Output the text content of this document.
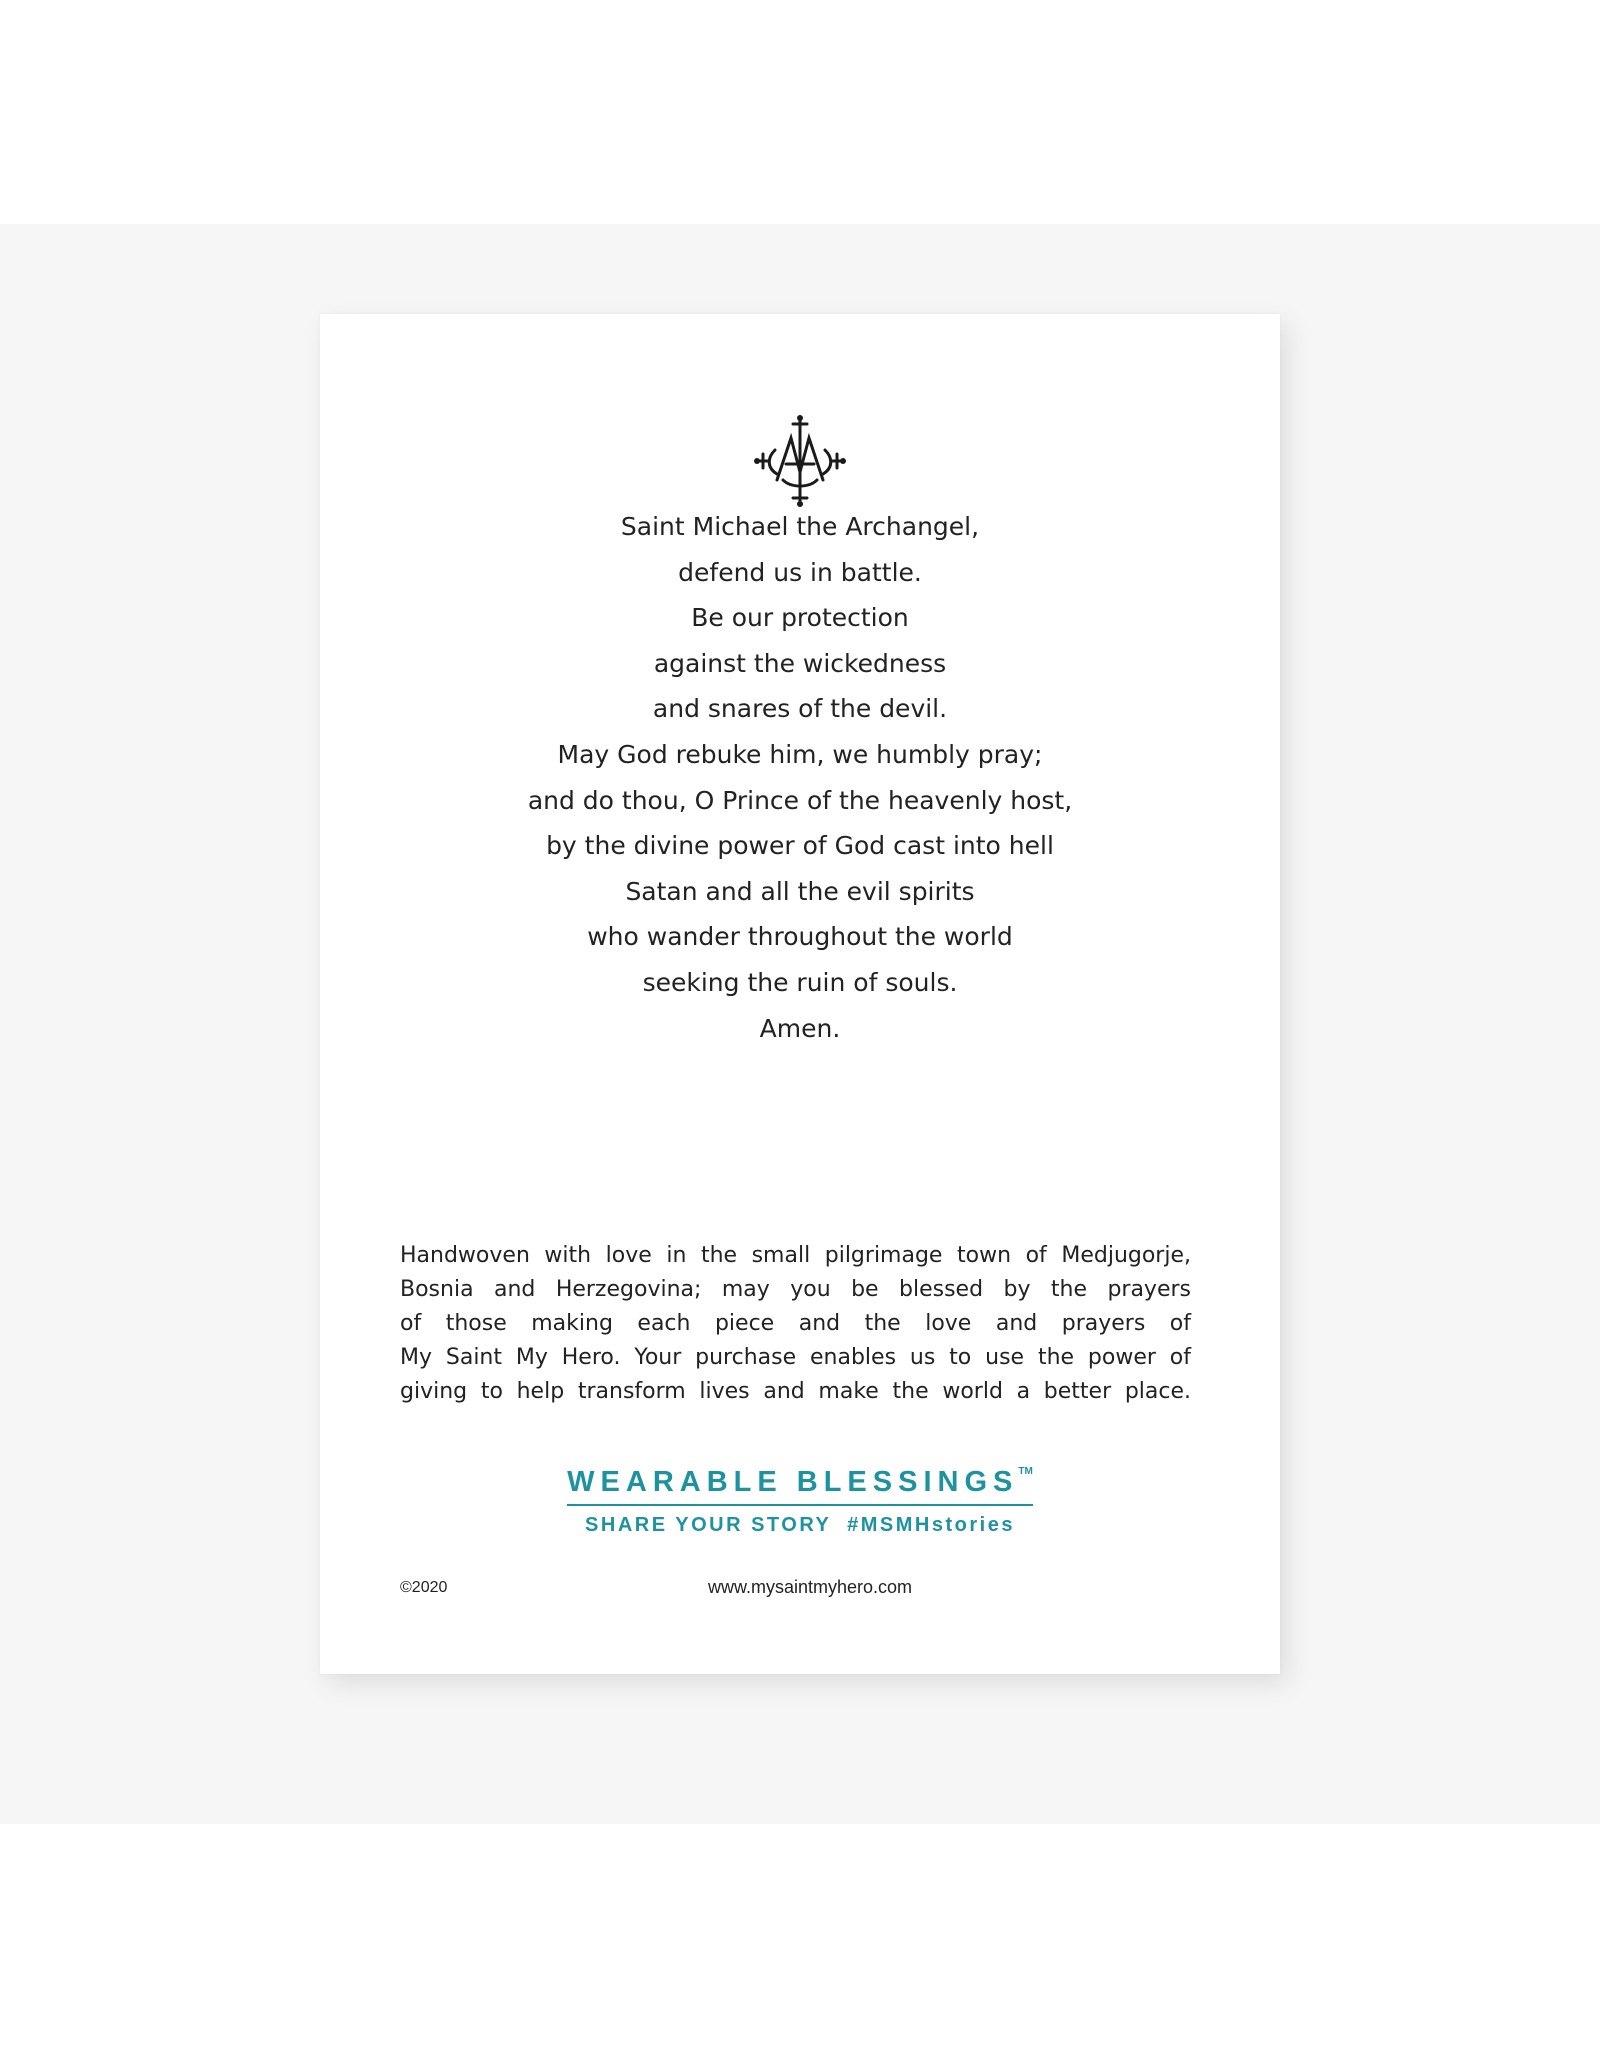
Saint Michael the Archangel,
defend us in battle.
Be our protection
against the wickedness
and snares of the devil.
May God rebuke him, we humbly pray;
and do thou, O Prince of the heavenly host,
by the divine power of God cast into hell
Satan and all the evil spirits
who wander throughout the world
seeking the ruin of souls.
Amen.
Handwoven with love in the small pilgrimage town of Medjugorje,
Bosnia and Herzegovina; may you be blessed by the prayers
of those making each piece and the love and prayers of
My Saint My Hero. Your purchase enables us to use the power of
giving to help transform lives and make the world a better place.
WEARABLE BLESSINGS™
SHARE YOUR STORY  #MSMHstories
©2020	www.mysaintmyhero.com
